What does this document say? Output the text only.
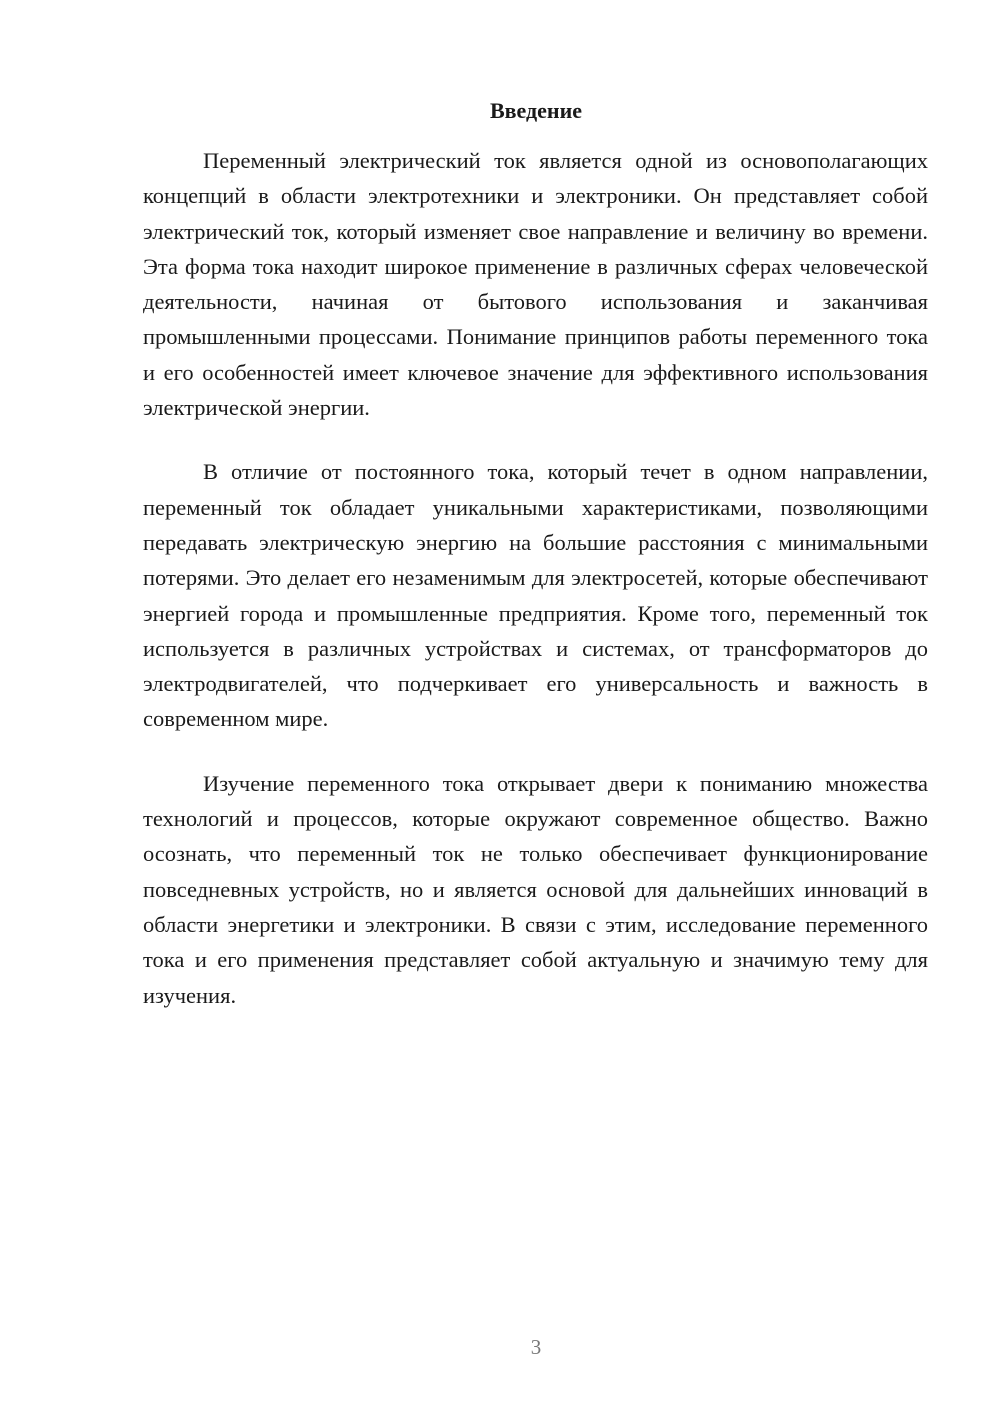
Введение

Переменный электрический ток является одной из основополагающих концепций в области электротехники и электроники. Он представляет собой электрический ток, который изменяет свое направление и величину во времени. Эта форма тока находит широкое применение в различных сферах человеческой деятельности, начиная от бытового использования и заканчивая промышленными процессами. Понимание принципов работы переменного тока и его особенностей имеет ключевое значение для эффективного использования электрической энергии.

В отличие от постоянного тока, который течет в одном направлении, переменный ток обладает уникальными характеристиками, позволяющими передавать электрическую энергию на большие расстояния с минимальными потерями. Это делает его незаменимым для электросетей, которые обеспечивают энергией города и промышленные предприятия. Кроме того, переменный ток используется в различных устройствах и системах, от трансформаторов до электродвигателей, что подчеркивает его универсальность и важность в современном мире.

Изучение переменного тока открывает двери к пониманию множества технологий и процессов, которые окружают современное общество. Важно осознать, что переменный ток не только обеспечивает функционирование повседневных устройств, но и является основой для дальнейших инноваций в области энергетики и электроники. В связи с этим, исследование переменного тока и его применения представляет собой актуальную и значимую тему для изучения.

3
